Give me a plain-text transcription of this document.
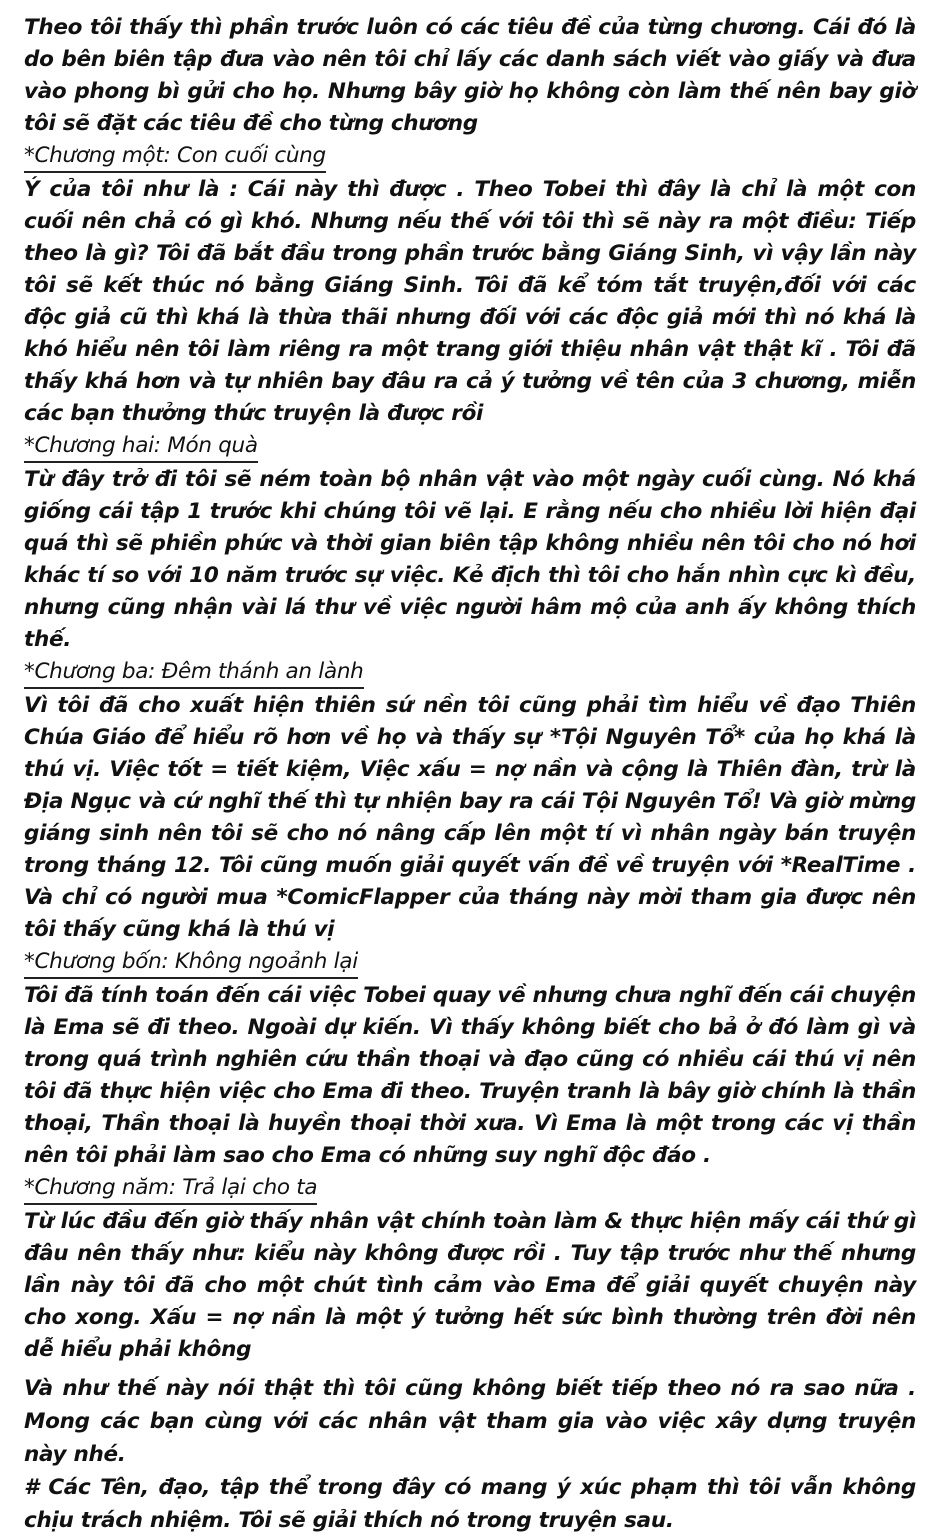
Theo tôi thấy thì phần trước luôn có các tiêu đề của từng chương. Cái đó là do bên biên tập đưa vào nên tôi chỉ lấy các danh sách viết vào giấy và đưa vào phong bì gửi cho họ. Nhưng bây giờ họ không còn làm thế nên bay giờ tôi sẽ đặt các tiêu đề cho từng chương

*Chương một: Con cuối cùng

Ý của tôi như là : Cái này thì được . Theo Tobei thì đây là chỉ là một con cuối nên chả có gì khó. Nhưng nếu thế với tôi thì sẽ này ra một điều: Tiếp theo là gì? Tôi đã bắt đầu trong phần trước bằng Giáng Sinh, vì vậy lần này tôi sẽ kết thúc nó bằng Giáng Sinh. Tôi đã kể tóm tắt truyện,đối với các độc giả cũ thì khá là thừa thãi nhưng đối với các độc giả mới thì nó khá là khó hiểu nên tôi làm riêng ra một trang giới thiệu nhân vật thật kĩ . Tôi đã thấy khá hơn và tự nhiên bay đâu ra cả ý tưởng về tên của 3 chương, miễn các bạn thưởng thức truyện là được rồi

*Chương hai: Món quà

Từ đây trở đi tôi sẽ ném toàn bộ nhân vật vào một ngày cuối cùng. Nó khá giống cái tập 1 trước khi chúng tôi vẽ lại. E rằng nếu cho nhiều lời hiện đại quá thì sẽ phiền phức và thời gian biên tập không nhiều nên tôi cho nó hơi khác tí so với 10 năm trước sự việc. Kẻ địch thì tôi cho hắn nhìn cực kì đều, nhưng cũng nhận vài lá thư về việc người hâm mộ của anh ấy không thích thế.

*Chương ba: Đêm thánh an lành

Vì tôi đã cho xuất hiện thiên sứ nền tôi cũng phải tìm hiểu về đạo Thiên Chúa Giáo để hiểu rõ hơn về họ và thấy sự *Tội Nguyên Tổ* của họ khá là thú vị. Việc tốt = tiết kiệm, Việc xấu = nợ nần và cộng là Thiên đàn, trừ là Địa Ngục và cứ nghĩ thế thì tự nhiện bay ra cái Tội Nguyên Tổ! Và giờ mừng giáng sinh nên tôi sẽ cho nó nâng cấp lên một tí vì nhân ngày bán truyện trong tháng 12. Tôi cũng muốn giải quyết vấn đề về truyện với *RealTime . Và chỉ có người mua *ComicFlapper của tháng này mời tham gia được nên tôi thấy cũng khá là thú vị

*Chương bốn: Không ngoảnh lại

Tôi đã tính toán đến cái việc Tobei quay về nhưng chưa nghĩ đến cái chuyện là Ema sẽ đi theo. Ngoài dự kiến. Vì thấy không biết cho bả ở đó làm gì và trong quá trình nghiên cứu thần thoại và đạo cũng có nhiều cái thú vị nên tôi đã thực hiện việc cho Ema đi theo. Truyện tranh là bây giờ chính là thần thoại, Thần thoại là huyền thoại thời xưa. Vì Ema là một trong các vị thần nên tôi phải làm sao cho Ema có những suy nghĩ độc đáo .

*Chương năm: Trả lại cho ta

Từ lúc đầu đến giờ thấy nhân vật chính toàn làm & thực hiện mấy cái thứ gì đâu nên thấy như: kiểu này không được rồi . Tuy tập trước như thế nhưng lần này tôi đã cho một chút tình cảm vào Ema để giải quyết chuyện này cho xong. Xấu = nợ nần là một ý tưởng hết sức bình thường trên đời nên dễ hiểu phải không

Và như thế này nói thật thì tôi cũng không biết tiếp theo nó ra sao nữa . Mong các bạn cùng với các nhân vật tham gia vào việc xây dựng truyện này nhé.

# Các Tên, đạo, tập thể trong đây có mang ý xúc phạm thì tôi vẫn không chịu trách nhiệm. Tôi sẽ giải thích nó trong truyện sau.
